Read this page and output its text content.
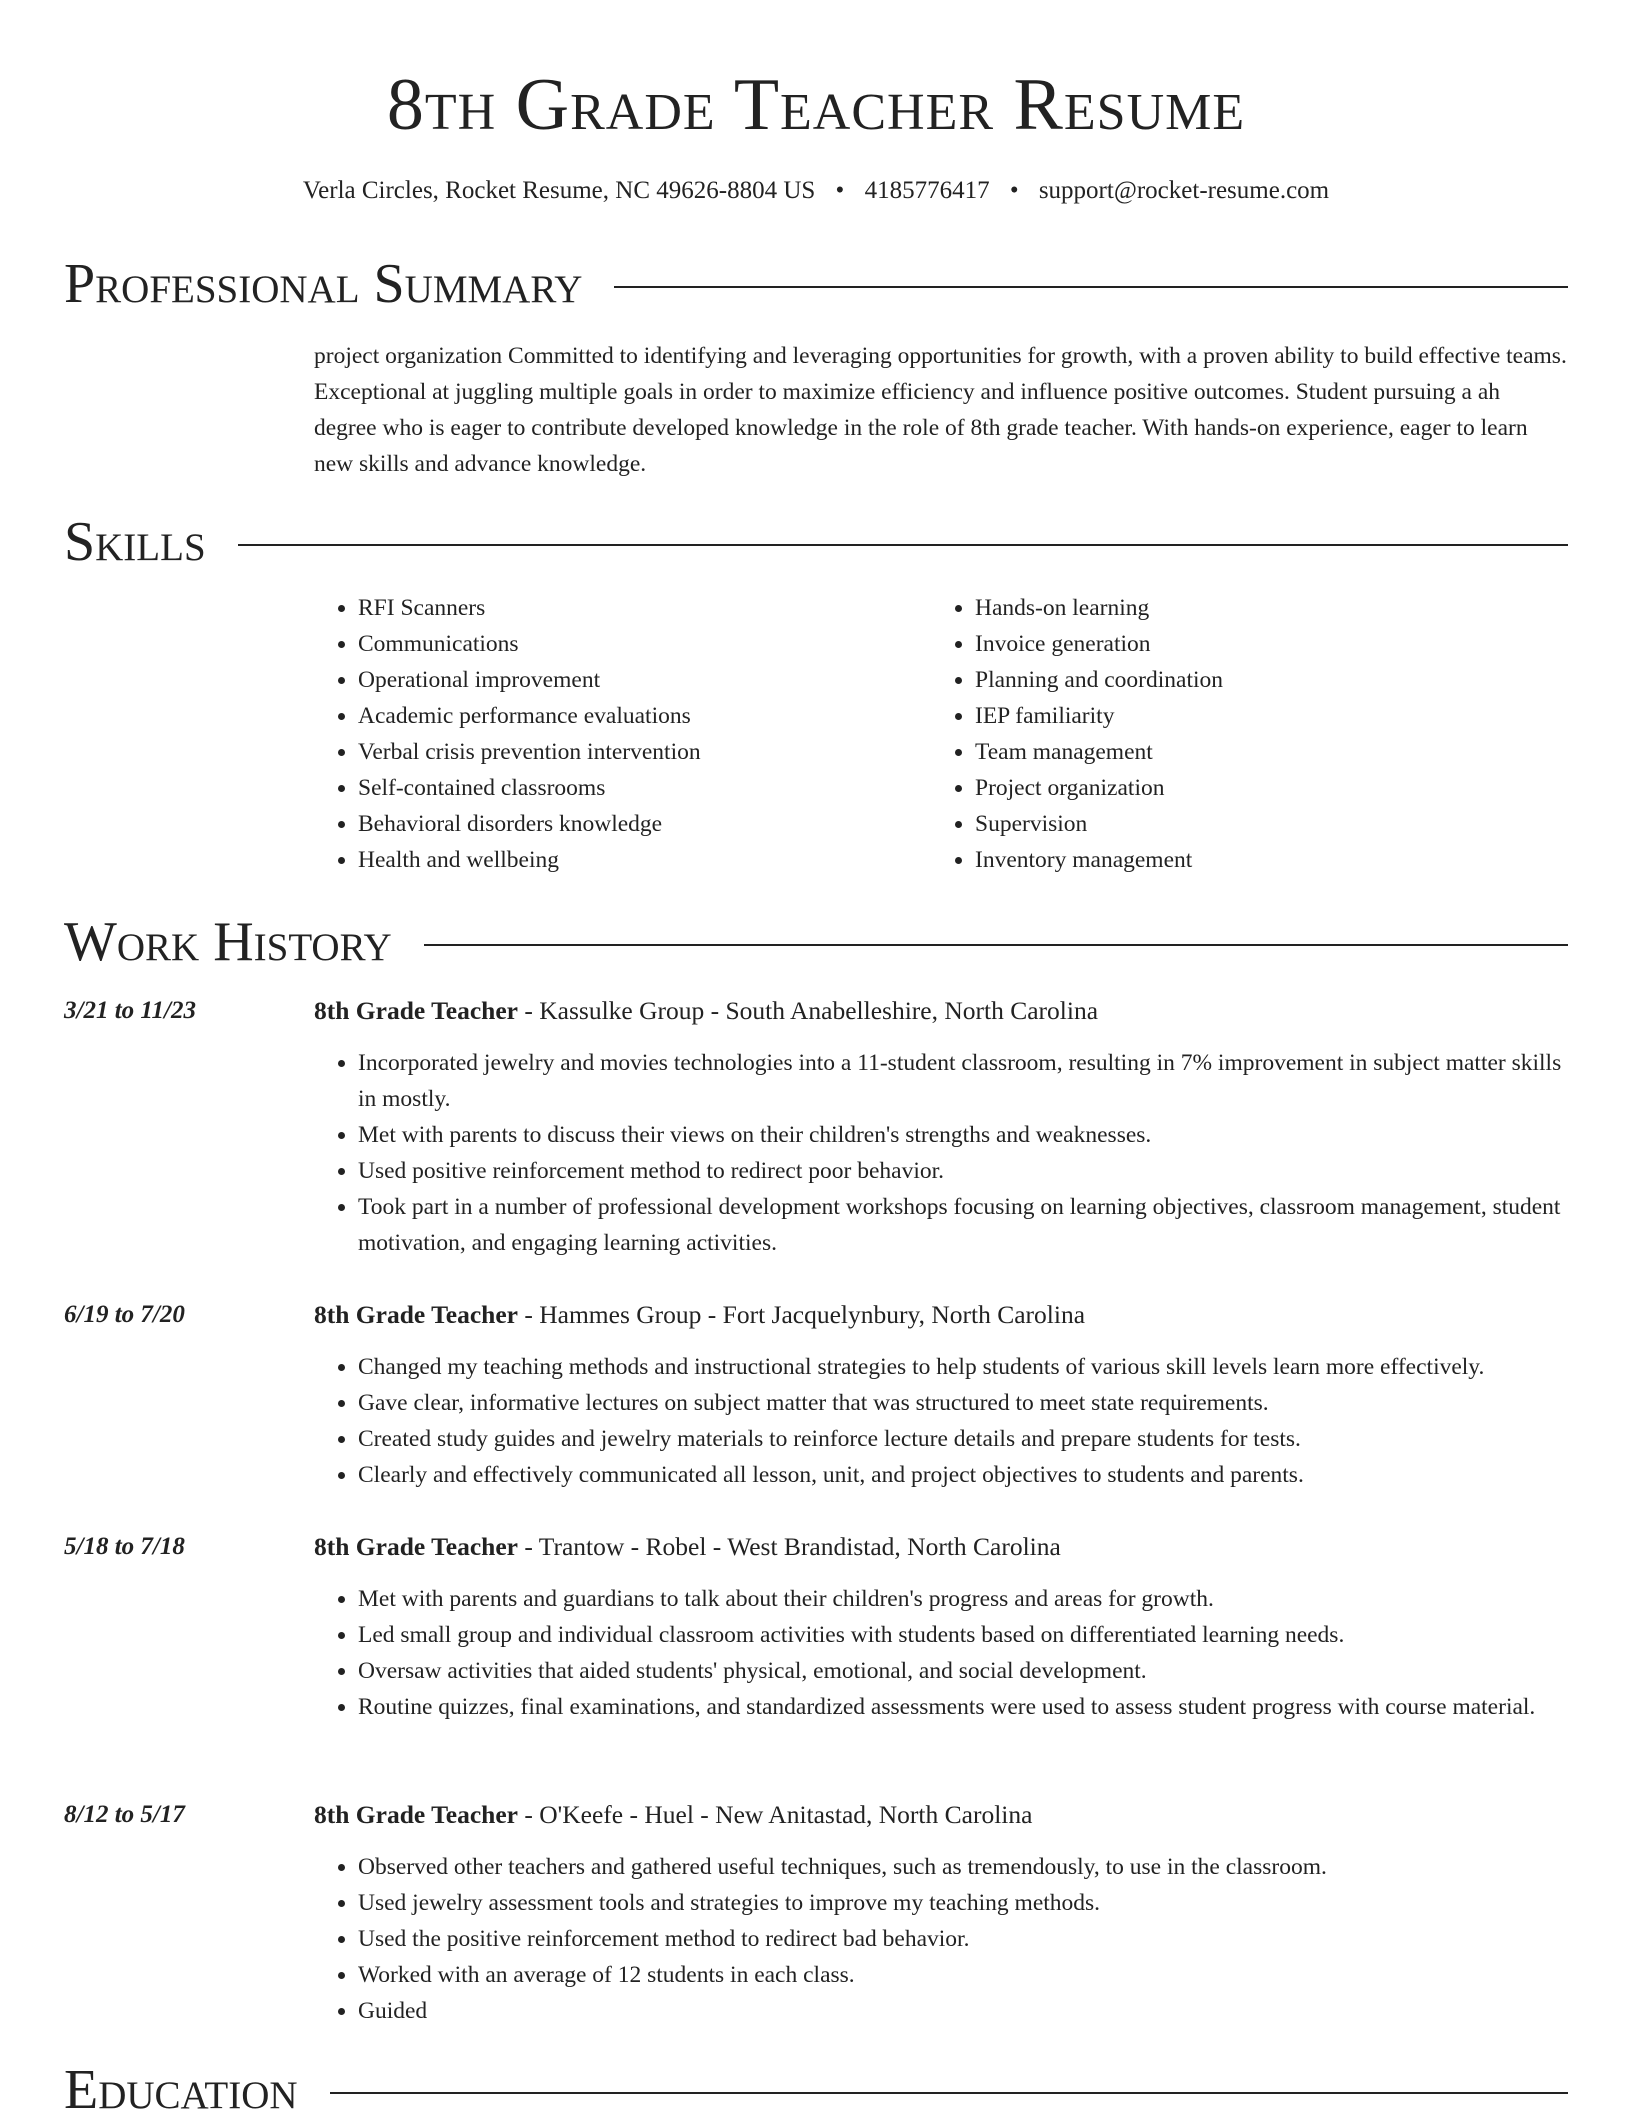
8th Grade Teacher Resume
Verla Circles, Rocket Resume, NC 49626-8804 US • 4185776417 • support@rocket-resume.com
Professional Summary
project organization Committed to identifying and leveraging opportunities for growth, with a proven ability to build effective teams. Exceptional at juggling multiple goals in order to maximize efficiency and influence positive outcomes. Student pursuing a ah degree who is eager to contribute developed knowledge in the role of 8th grade teacher. With hands-on experience, eager to learn new skills and advance knowledge.
Skills
• RFI Scanners
• Communications
• Operational improvement
• Academic performance evaluations
• Verbal crisis prevention intervention
• Self-contained classrooms
• Behavioral disorders knowledge
• Health and wellbeing
• Hands-on learning
• Invoice generation
• Planning and coordination
• IEP familiarity
• Team management
• Project organization
• Supervision
• Inventory management
Work History
3/21 to 11/23	8th Grade Teacher - Kassulke Group - South Anabelleshire, North Carolina
• Incorporated jewelry and movies technologies into a 11-student classroom, resulting in 7% improvement in subject matter skills in mostly.
• Met with parents to discuss their views on their children's strengths and weaknesses.
• Used positive reinforcement method to redirect poor behavior.
• Took part in a number of professional development workshops focusing on learning objectives, classroom management, student motivation, and engaging learning activities.
6/19 to 7/20	8th Grade Teacher - Hammes Group - Fort Jacquelynbury, North Carolina
• Changed my teaching methods and instructional strategies to help students of various skill levels learn more effectively.
• Gave clear, informative lectures on subject matter that was structured to meet state requirements.
• Created study guides and jewelry materials to reinforce lecture details and prepare students for tests.
• Clearly and effectively communicated all lesson, unit, and project objectives to students and parents.
5/18 to 7/18	8th Grade Teacher - Trantow - Robel - West Brandistad, North Carolina
• Met with parents and guardians to talk about their children's progress and areas for growth.
• Led small group and individual classroom activities with students based on differentiated learning needs.
• Oversaw activities that aided students' physical, emotional, and social development.
• Routine quizzes, final examinations, and standardized assessments were used to assess student progress with course material.
8/12 to 5/17	8th Grade Teacher - O'Keefe - Huel - New Anitastad, North Carolina
• Observed other teachers and gathered useful techniques, such as tremendously, to use in the classroom.
• Used jewelry assessment tools and strategies to improve my teaching methods.
• Used the positive reinforcement method to redirect bad behavior.
• Worked with an average of 12 students in each class.
• Guided
Education
